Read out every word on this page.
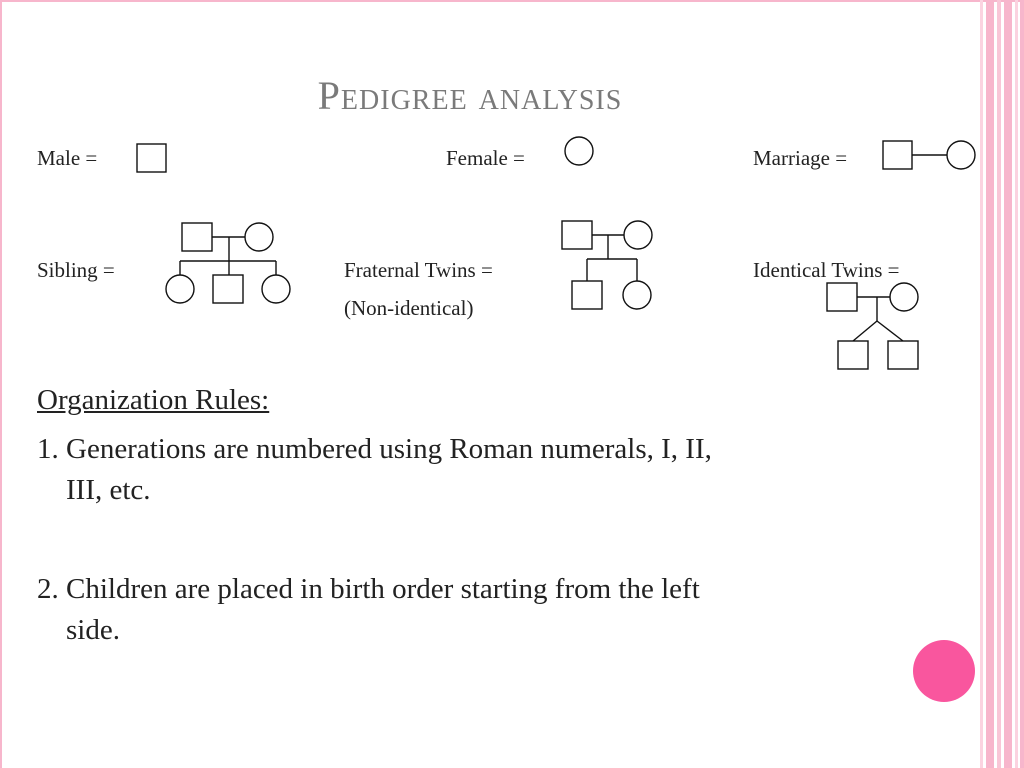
Pedigree analysis
Male =	Female =	Marriage =
Sibling =	Fraternal Twins =
(Non-identical)
Identical Twins =
Organization Rules:
1. Generations are numbered using Roman numerals, I, II,
III, etc.
2. Children are placed in birth order starting from the left
side.
